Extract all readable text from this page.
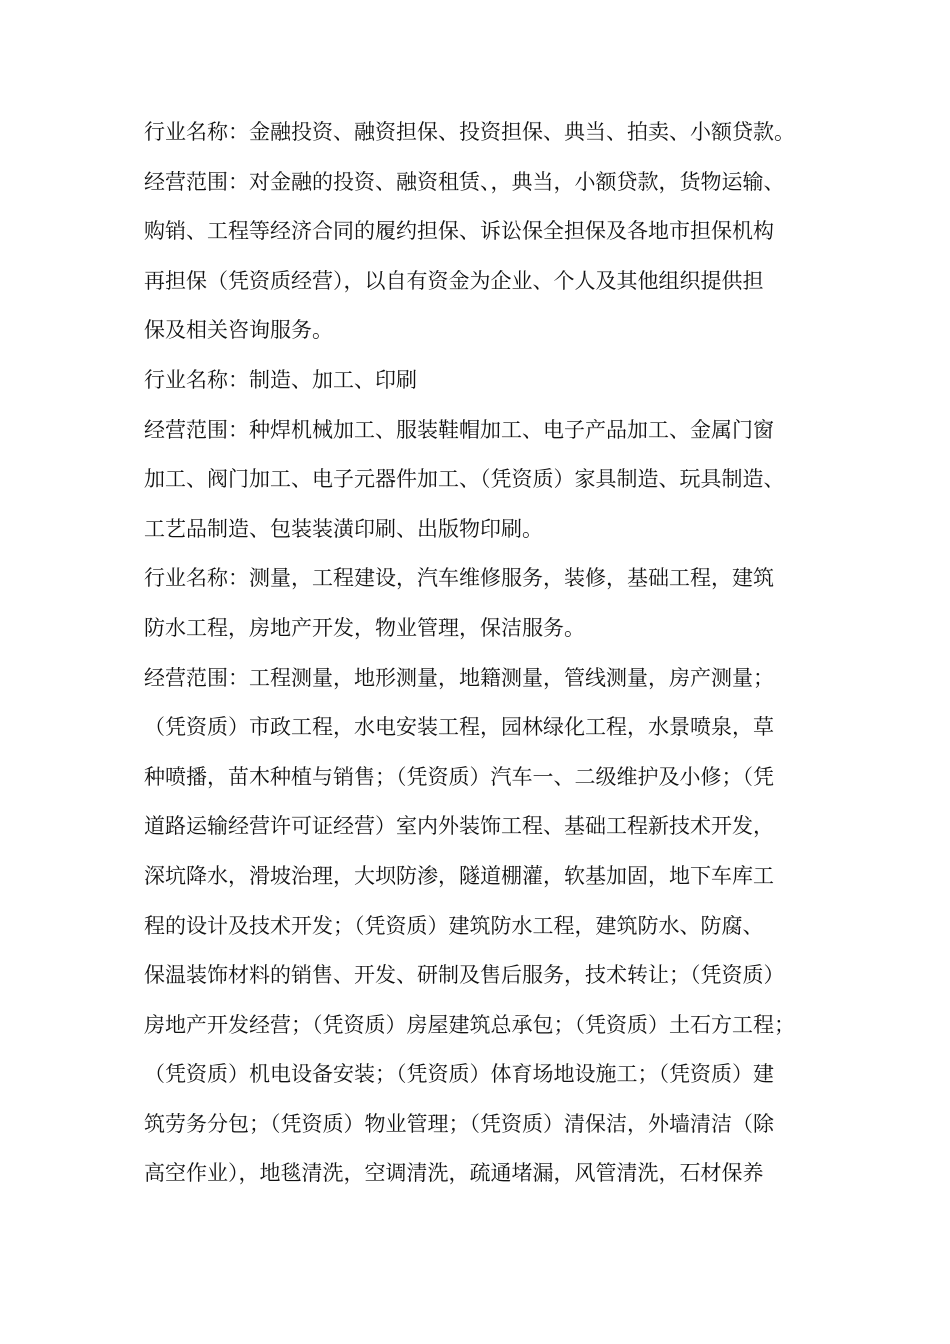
行业名称：金融投资、融资担保、投资担保、典当、拍卖、小额贷款。
经营范围：对金融的投资、融资租赁、，典当，小额贷款，货物运输、
购销、工程等经济合同的履约担保、诉讼保全担保及各地市担保机构
再担保（凭资质经营），以自有资金为企业、个人及其他组织提供担
保及相关咨询服务。
行业名称：制造、加工、印刷
经营范围：种焊机械加工、服装鞋帽加工、电子产品加工、金属门窗
加工、阀门加工、电子元器件加工、（凭资质）家具制造、玩具制造、
工艺品制造、包装装潢印刷、出版物印刷。
行业名称：测量，工程建设，汽车维修服务，装修，基础工程，建筑
防水工程，房地产开发，物业管理，保洁服务。
经营范围：工程测量，地形测量，地籍测量，管线测量，房产测量；
（凭资质）市政工程，水电安装工程，园林绿化工程，水景喷泉，草
种喷播，苗木种植与销售；（凭资质）汽车一、二级维护及小修；（凭
道路运输经营许可证经营）室内外装饰工程、基础工程新技术开发，
深坑降水，滑坡治理，大坝防渗，隧道棚灌，软基加固，地下车库工
程的设计及技术开发；（凭资质）建筑防水工程，建筑防水、防腐、
保温装饰材料的销售、开发、研制及售后服务，技术转让；（凭资质）
房地产开发经营；（凭资质）房屋建筑总承包；（凭资质）土石方工程；
（凭资质）机电设备安装；（凭资质）体育场地设施工；（凭资质）建
筑劳务分包；（凭资质）物业管理；（凭资质）清保洁，外墙清洁（除
高空作业），地毯清洗，空调清洗，疏通堵漏，风管清洗，石材保养
